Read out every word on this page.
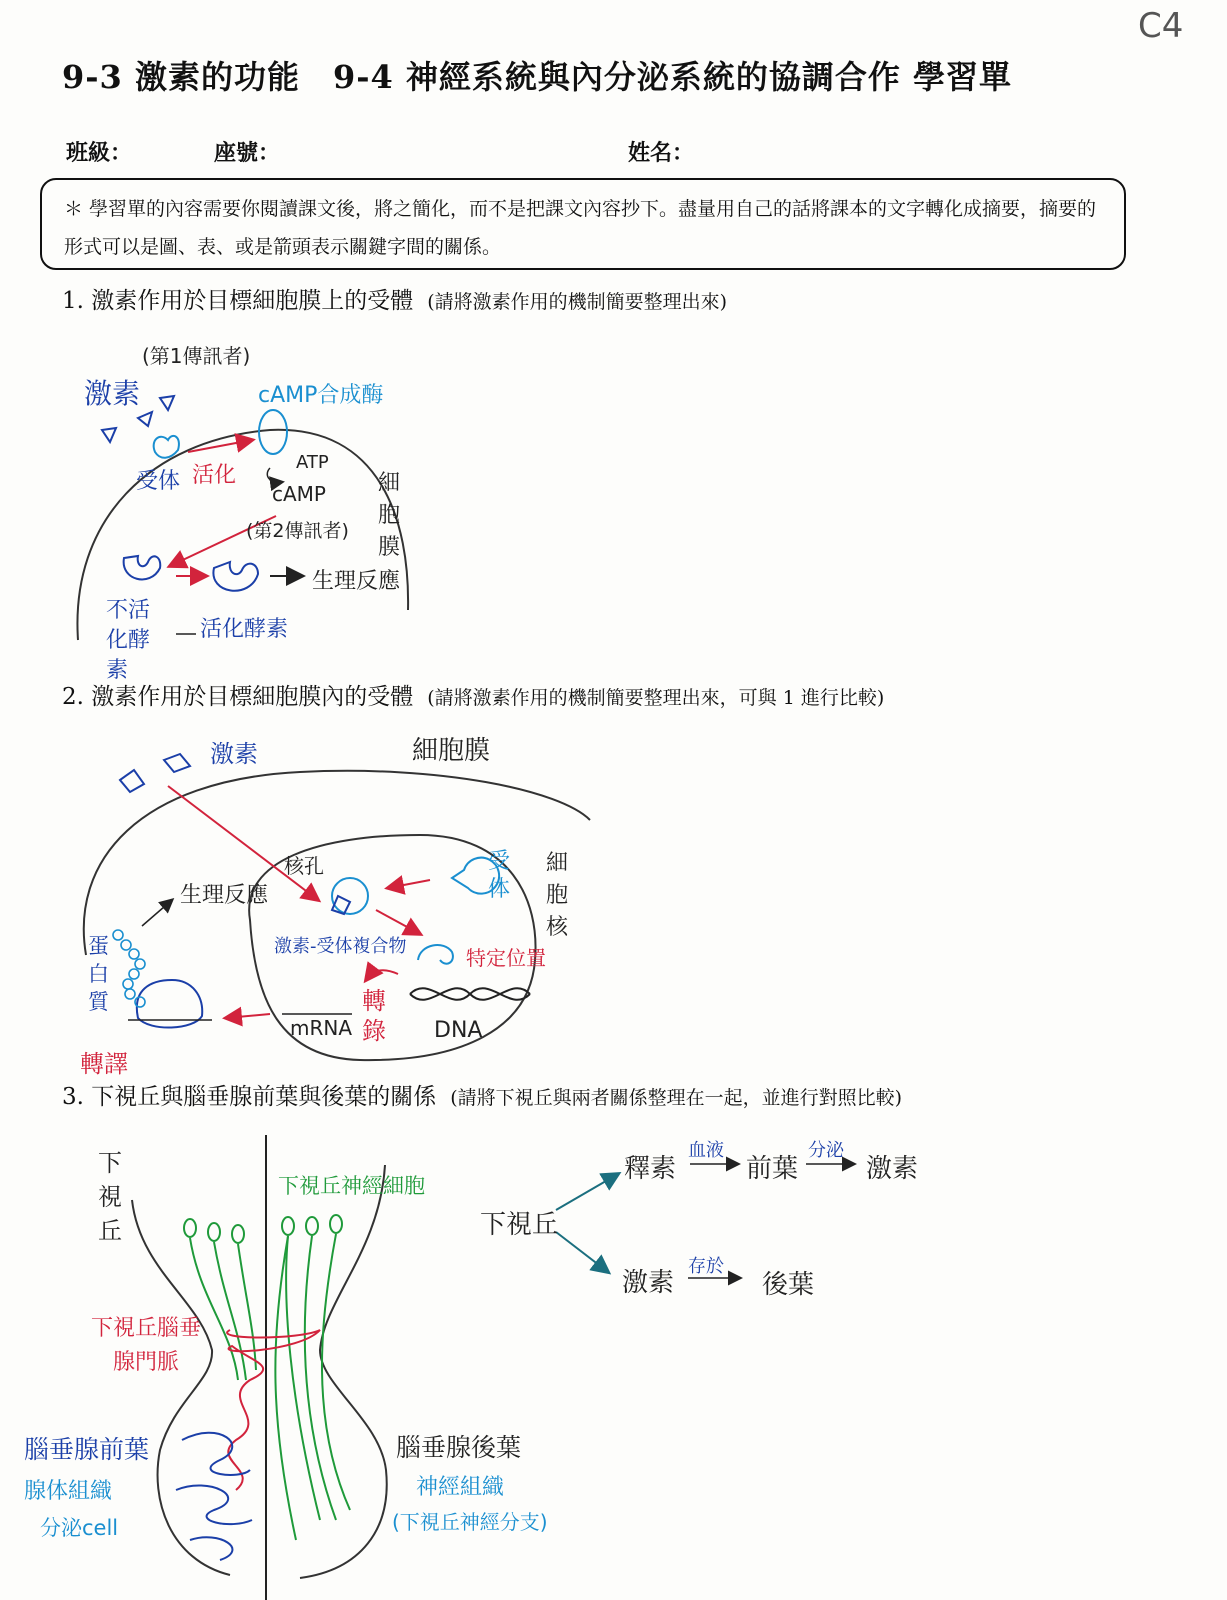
C4
9-3 激素的功能　9-4 神經系統與內分泌系統的協調合作 學習單
班級：	座號：	姓名：
＊ 學習單的內容需要你閱讀課文後，將之簡化，而不是把課文內容抄下。盡量用自己的話將課本的文字轉化成摘要，摘要的形式可以是圖、表、或是箭頭表示關鍵字間的關係。
1. 激素作用於目標細胞膜上的受體 (請將激素作用的機制簡要整理出來)
2. 激素作用於目標細胞膜內的受體 (請將激素作用的機制簡要整理出來，可與 1 進行比較)
3. 下視丘與腦垂腺前葉與後葉的關係 (請將下視丘與兩者關係整理在一起，並進行對照比較)
(第1傳訊者)
激素	cAMP合成酶
受体 活化
ATP
cAMP
(第2傳訊者)
細胞膜
不活化酵素
活化酵素
生理反應
激素	細胞膜
核孔	受体
細胞核
生理反應
激素-受体複合物	特定位置
蛋白質	轉錄
轉譯
mRNA	DNA
下視丘
下視丘神經細胞
下視丘腦垂腺門脈
腦垂腺前葉
腺体組織
分泌cell
腦垂腺後葉
神經組織
(下視丘神經分支)
下視丘
釋素
血液
前葉
分泌
激素
激素
存於
後葉
